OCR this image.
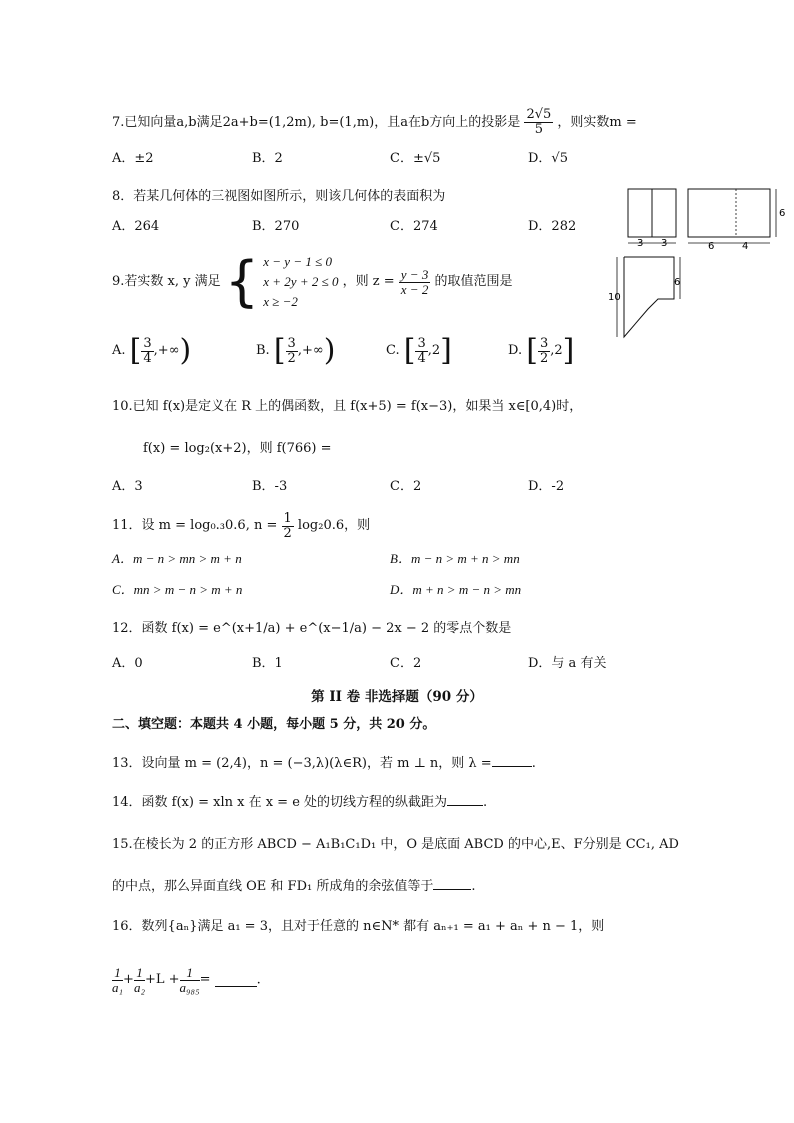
7.已知向量a,b满足2a+b=(1,2m), b=(1,m)，且a在b方向上的投影是 $\frac{2√5}{5}$ ，则实数m =
A．±2	B．2	C．±√5	D．√5
8．若某几何体的三视图如图所示，则该几何体的表面积为
A．264	B．270	C．274	D．282
3 3
6
6	4
10
6
9.若实数 x, y 满足 { x − y − 1 ≤ 0
x + 2y + 2 ≤ 0
x ≥ −2
，则 $z = \frac{y - 3}{x - 2}$ 的取值范围是
A. [ $\frac{3}{4}$ ,+∞)	B. [ $\frac{3}{2}$ ,+∞)	C. [ $\frac{3}{4} ,2$]	D. [ $\frac{3}{2} ,2$]
10.已知 f(x)是定义在 R 上的偶函数，且 f(x+5) = f(x−3)，如果当 x∈[0,4)时，
f(x) = log₂(x+2)，则 f(766) =
A．3	B．-3	C．2	D．-2
11．设 m = log₀.₃0.6, $n = \frac{1}{2} \log_20.6$，则
A．m − n > mn > m + n	B．m − n > m + n > mn
C．mn > m − n > m + n	D．m + n > m − n > mn
12．函数 f(x) = e^(x+1/a) + e^(x−1/a) − 2x − 2 的零点个数是
A．0	B．1	C．2	D．与 a 有关
第 II 卷 非选择题（90 分）
二、填空题：本题共 4 小题，每小题 5 分，共 20 分。
13．设向量 m = (2,4)，n = (−3,λ)(λ∈R)，若 m ⊥ n，则 λ =	.
14．函数 f(x) = xln x 在 x = e 处的切线方程的纵截距为	.
15.在棱长为 2 的正方形 ABCD − A₁B₁C₁D₁ 中，O 是底面 ABCD 的中心,E、F分别是 CC₁, AD
的中点，那么异面直线 OE 和 FD₁ 所成角的余弦值等于	.
16．数列{aₙ}满足 a₁ = 3，且对于任意的 n∈N* 都有 aₙ₊₁ = a₁ + aₙ + n − 1，则
$\frac{1}{\text{a₁}} + \frac{1}{\text{a₂}} +L + \frac{1}{\text{a₉₈₅}}$ =	.
